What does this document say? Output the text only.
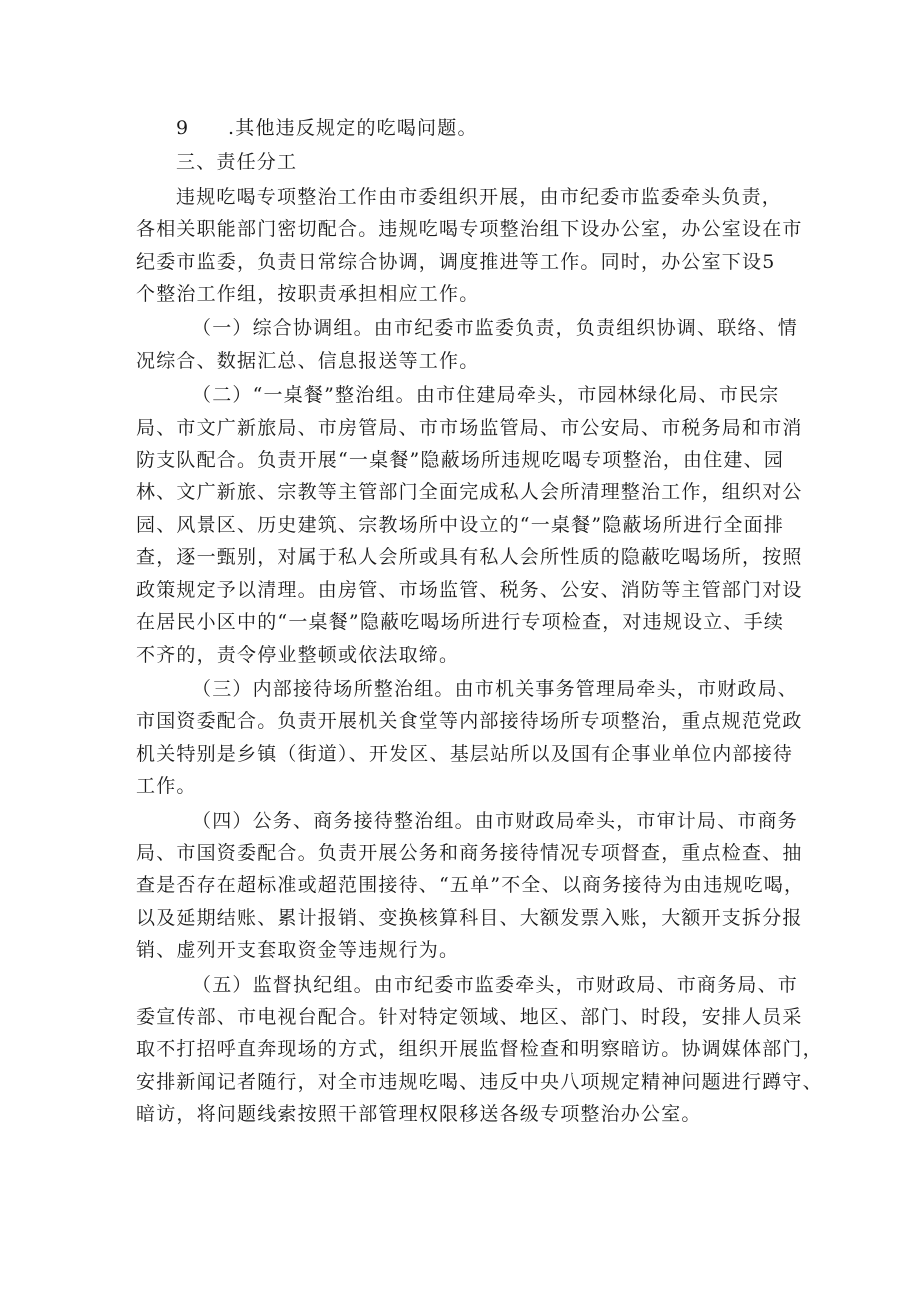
9 .其他违反规定的吃喝问题。
三、责任分工
违规吃喝专项整治工作由市委组织开展，由市纪委市监委牵头负责，
各相关职能部门密切配合。违规吃喝专项整治组下设办公室，办公室设在市
纪委市监委，负责日常综合协调，调度推进等工作。同时，办公室下设5
个整治工作组，按职责承担相应工作。
（一）综合协调组。由市纪委市监委负责，负责组织协调、联络、情
况综合、数据汇总、信息报送等工作。
（二）“一桌餐”整治组。由市住建局牵头，市园林绿化局、市民宗
局、市文广新旅局、市房管局、市市场监管局、市公安局、市税务局和市消
防支队配合。负责开展“一桌餐”隐蔽场所违规吃喝专项整治，由住建、园
林、文广新旅、宗教等主管部门全面完成私人会所清理整治工作，组织对公
园、风景区、历史建筑、宗教场所中设立的“一桌餐”隐蔽场所进行全面排
查，逐一甄别，对属于私人会所或具有私人会所性质的隐蔽吃喝场所，按照
政策规定予以清理。由房管、市场监管、税务、公安、消防等主管部门对设
在居民小区中的“一桌餐”隐蔽吃喝场所进行专项检查，对违规设立、手续
不齐的，责令停业整顿或依法取缔。
（三）内部接待场所整治组。由市机关事务管理局牵头，市财政局、
市国资委配合。负责开展机关食堂等内部接待场所专项整治，重点规范党政
机关特别是乡镇（街道）、开发区、基层站所以及国有企事业单位内部接待
工作。
（四）公务、商务接待整治组。由市财政局牵头，市审计局、市商务
局、市国资委配合。负责开展公务和商务接待情况专项督查，重点检查、抽
查是否存在超标准或超范围接待、“五单”不全、以商务接待为由违规吃喝，
以及延期结账、累计报销、变换核算科目、大额发票入账，大额开支拆分报
销、虚列开支套取资金等违规行为。
（五）监督执纪组。由市纪委市监委牵头，市财政局、市商务局、市
委宣传部、市电视台配合。针对特定领域、地区、部门、时段，安排人员采
取不打招呼直奔现场的方式，组织开展监督检查和明察暗访。协调媒体部门，
安排新闻记者随行，对全市违规吃喝、违反中央八项规定精神问题进行蹲守、
暗访，将问题线索按照干部管理权限移送各级专项整治办公室。
